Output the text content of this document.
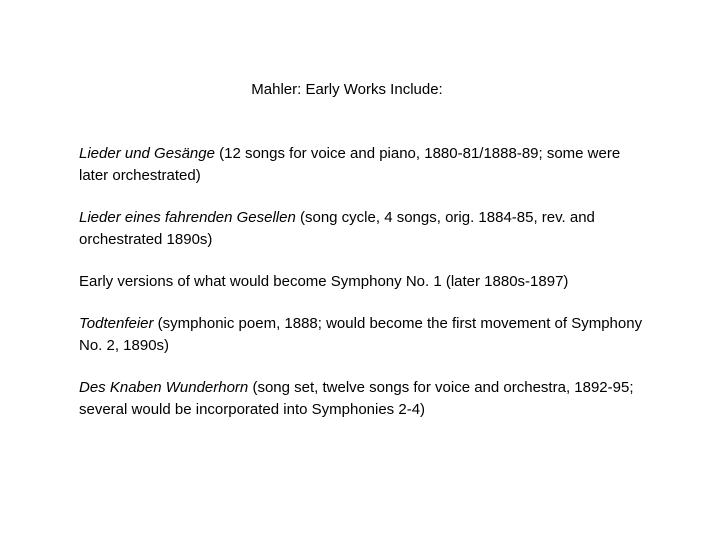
Mahler: Early Works Include:
Lieder und Gesänge (12 songs for voice and piano, 1880-81/1888-89; some were later orchestrated)
Lieder eines fahrenden Gesellen (song cycle, 4 songs, orig. 1884-85, rev. and orchestrated 1890s)
Early versions of what would become Symphony No. 1 (later 1880s-1897)
Todtenfeier (symphonic poem, 1888; would become the first movement of Symphony No. 2, 1890s)
Des Knaben Wunderhorn (song set, twelve songs for voice and orchestra, 1892-95; several would be incorporated into Symphonies 2-4)
